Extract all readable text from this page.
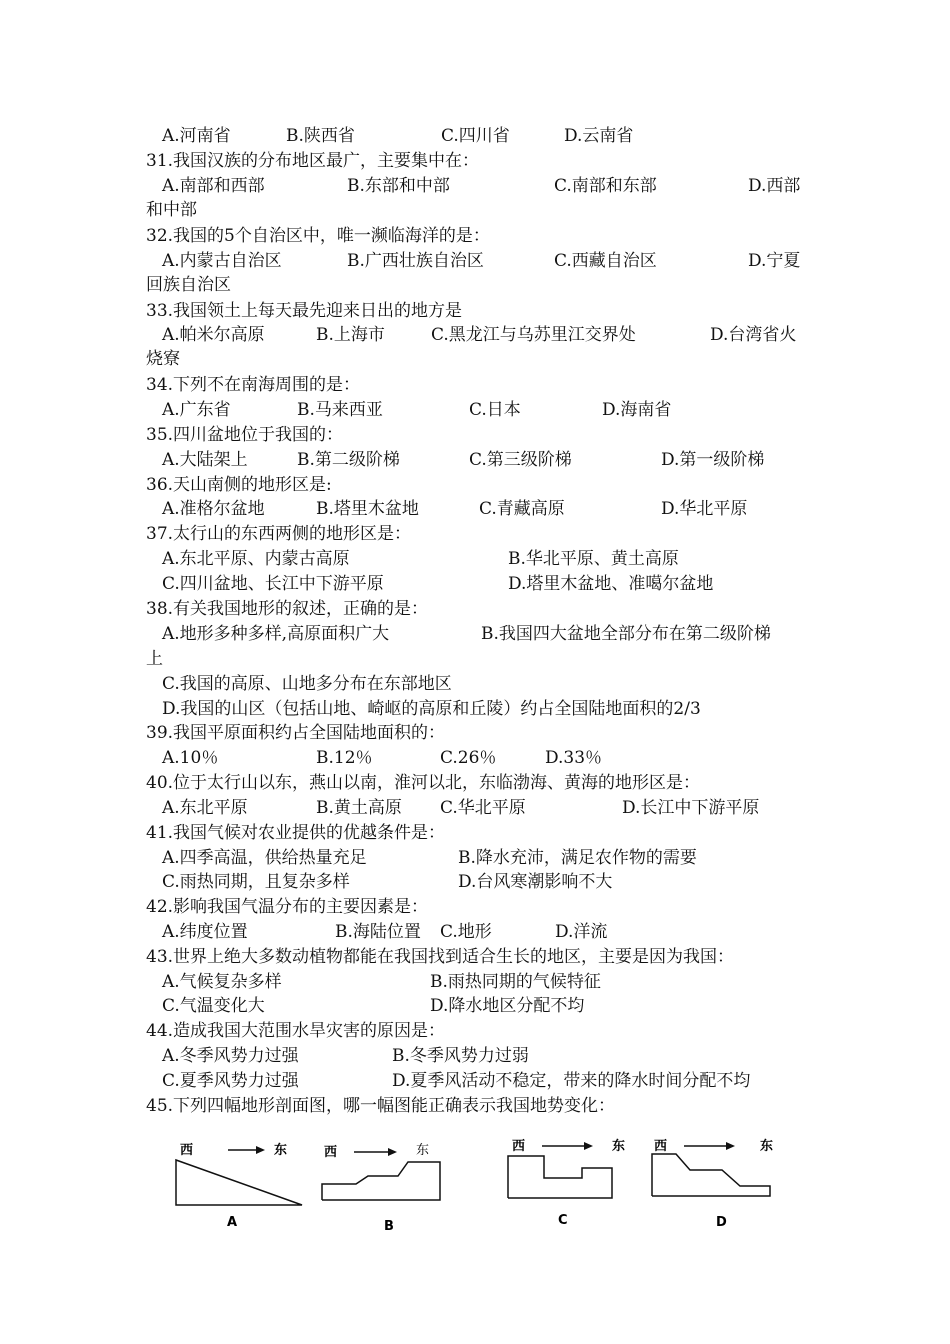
A.河南省	B.陕西省	C.四川省	D.云南省
31.我国汉族的分布地区最广，主要集中在：
A.南部和西部	B.东部和中部	C.南部和东部	D.西部
和中部
32.我国的5个自治区中，唯一濒临海洋的是：
A.内蒙古自治区	B.广西壮族自治区	C.西藏自治区	D.宁夏
回族自治区
33.我国领土上每天最先迎来日出的地方是
A.帕米尔高原	B.上海市	C.黑龙江与乌苏里江交界处	D.台湾省火
烧寮
34.下列不在南海周围的是：
A.广东省	B.马来西亚	C.日本	D.海南省
35.四川盆地位于我国的：
A.大陆架上	B.第二级阶梯	C.第三级阶梯	D.第一级阶梯
36.天山南侧的地形区是:
A.准格尔盆地	B.塔里木盆地	C.青藏高原	D.华北平原
37.太行山的东西两侧的地形区是：
A.东北平原、内蒙古高原	B.华北平原、黄土高原
C.四川盆地、长江中下游平原	D.塔里木盆地、准噶尔盆地
38.有关我国地形的叙述，正确的是：
A.地形多种多样,高原面积广大	B.我国四大盆地全部分布在第二级阶梯
上
C.我国的高原、山地多分布在东部地区
D.我国的山区（包括山地、崎岖的高原和丘陵）约占全国陆地面积的2/3
39.我国平原面积约占全国陆地面积的：
A.10％	B.12％	C.26％	D.33％
40.位于太行山以东，燕山以南，淮河以北，东临渤海、黄海的地形区是：
A.东北平原	B.黄土高原 C.华北平原	D.长江中下游平原
41.我国气候对农业提供的优越条件是：
A.四季高温，供给热量充足	B.降水充沛，满足农作物的需要
C.雨热同期，且复杂多样	D.台风寒潮影响不大
42.影响我国气温分布的主要因素是：
A.纬度位置	B.海陆位置 C.地形	D.洋流
43.世界上绝大多数动植物都能在我国找到适合生长的地区，主要是因为我国：
A.气候复杂多样	B.雨热同期的气候特征
C.气温变化大	D.降水地区分配不均
44.造成我国大范围水旱灾害的原因是：
A.冬季风势力过强	B.冬季风势力过弱
C.夏季风势力过强	D.夏季风活动不稳定，带来的降水时间分配不均
45.下列四幅地形剖面图，哪一幅图能正确表示我国地势变化：
西	东
A
西	东
B
西	东
C
西	东
D
